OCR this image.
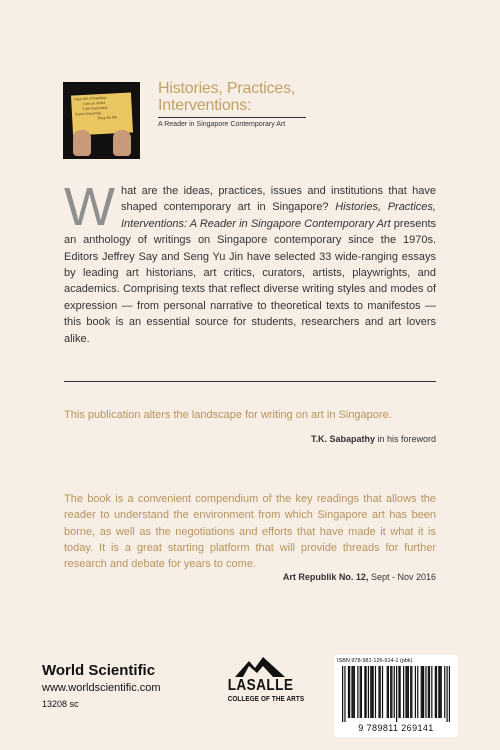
Dear Mr. President,
I am an artist
I am important
Yours Sincerely,
Tang Da Wu
Histories, Practices,
Interventions:
A Reader in Singapore Contemporary Art
What are the ideas, practices, issues and institutions that have shaped contemporary art in Singapore? Histories, Practices, Interventions: A Reader in Singapore Contemporary Art presents an anthology of writings on Singapore contemporary since the 1970s. Editors Jeffrey Say and Seng Yu Jin have selected 33 wide-ranging essays by leading art historians, art critics, curators, artists, playwrights, and academics. Comprising texts that reflect diverse writing styles and modes of expression — from personal narrative to theoretical texts to manifestos — this book is an essential source for students, researchers and art lovers alike.
This publication alters the landscape for writing on art in Singapore.
T.K. Sabapathy in his foreword
The book is a convenient compendium of the key readings that allows the reader to understand the environment from which Singapore art has been borne, as well as the negotiations and efforts that have made it what it is today. It is a great starting platform that will provide threads for further research and debate for years to come.
Art Republik No. 12, Sept - Nov 2016
World Scientific
www.worldscientific.com
13208 sc
LASALLE
COLLEGE OF THE ARTS
ISBN 978-981-126-914-1 (pbk)
9 789811 269141
